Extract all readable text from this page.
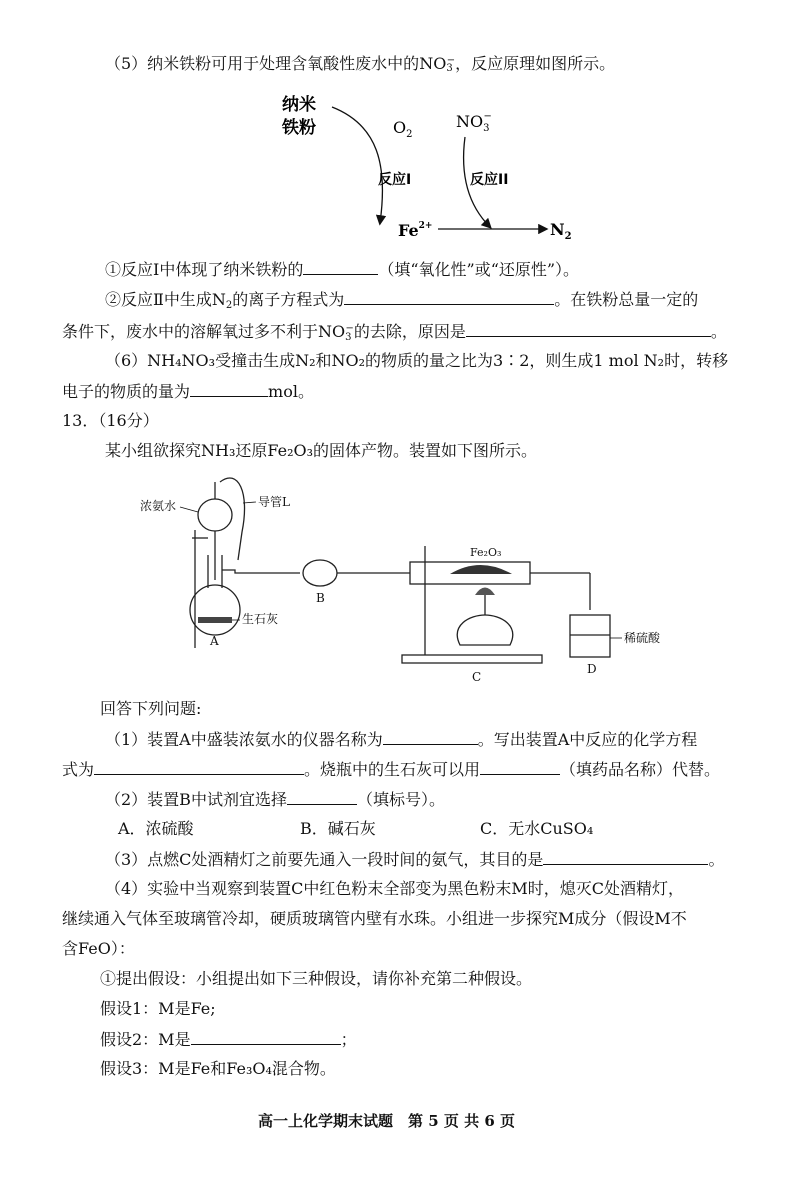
（5）纳米铁粉可用于处理含氧酸性废水中的$NO_3^-$，反应原理如图所示。
纳米
铁粉	$O_2$
$NO_3-$
反应I	反应II
$Fe^{2+}$	$N_2$
①反应Ⅰ中体现了纳米铁粉的	（填“氧化性”或“还原性”）。
②反应Ⅱ中生成$N_2$的离子方程式为	。在铁粉总量一定的
条件下，废水中的溶解氧过多不利于$NO_3^-$的去除，原因是	。
（6）NH₄NO₃受撞击生成N₂和NO₂的物质的量之比为3∶2，则生成1 mol N₂时，转移
电子的物质的量为	mol。
13．（16分）
某小组欲探究NH₃还原Fe₂O₃的固体产物。装置如下图所示。
浓氨水	导管L
Fe₂O₃
生石灰
稀硫酸
A
B
C
D
回答下列问题:
（1）装置A中盛装浓氨水的仪器名称为	。写出装置A中反应的化学方程
式为	。烧瓶中的生石灰可以用	（填药品名称）代替。
（2）装置B中试剂宜选择	（填标号）。
A．浓硫酸	B．碱石灰	C．无水CuSO₄
（3）点燃C处酒精灯之前要先通入一段时间的氨气，其目的是	。
（4）实验中当观察到装置C中红色粉末全部变为黑色粉末M时，熄灭C处酒精灯，
继续通入气体至玻璃管冷却，硬质玻璃管内壁有水珠。小组进一步探究M成分（假设M不
含FeO）：
①提出假设：小组提出如下三种假设，请你补充第二种假设。
假设1：M是Fe;
假设2：M是	；
假设3：M是Fe和Fe₃O₄混合物。
高一上化学期末试题　第 5 页 共 6 页
